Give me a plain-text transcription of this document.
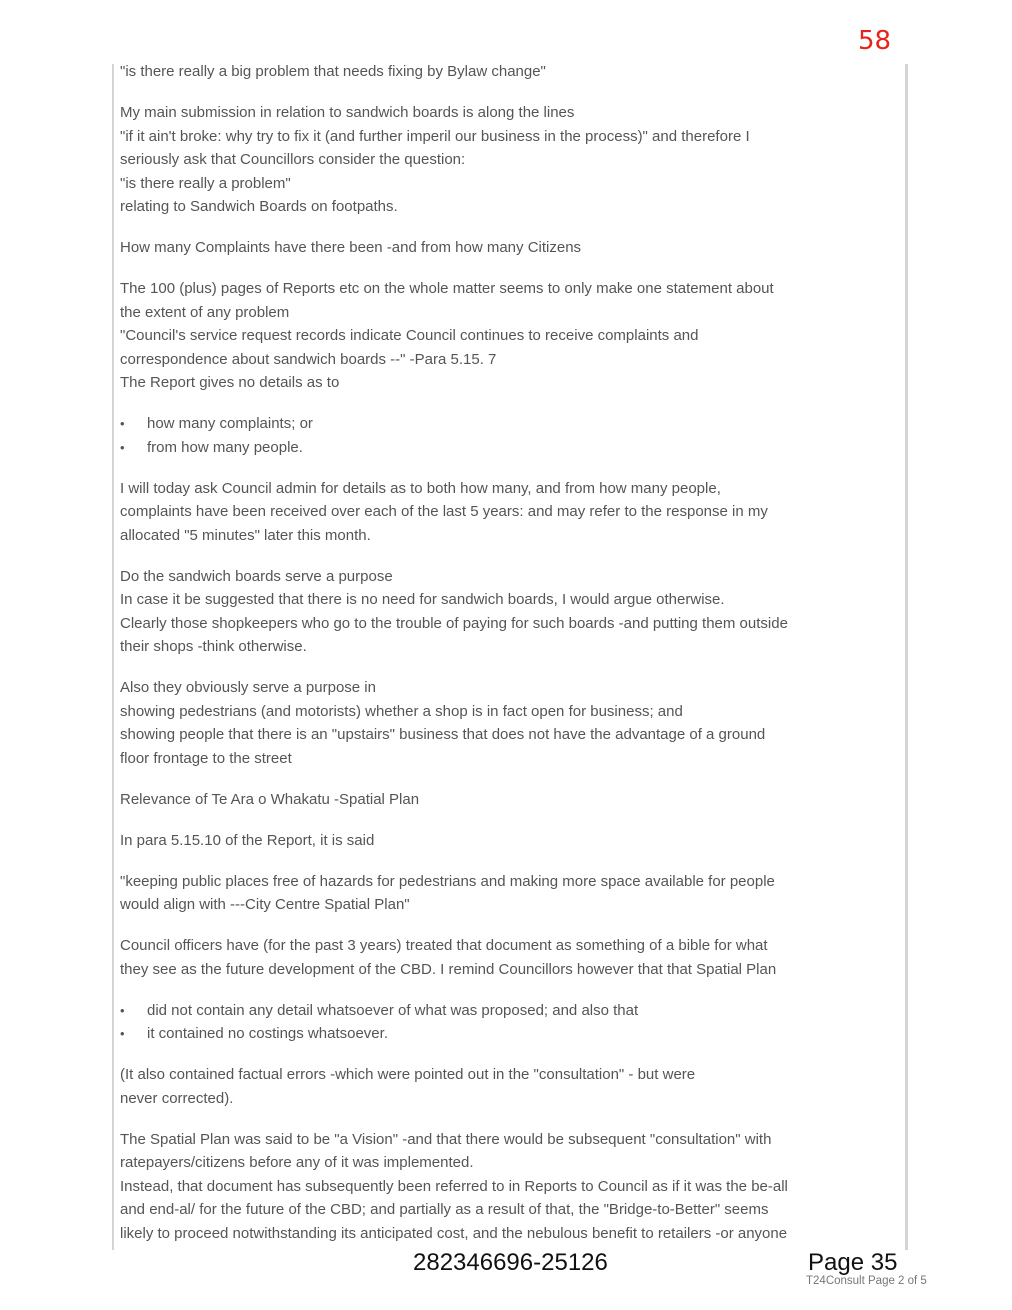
58

"is there really a big problem that needs fixing by Bylaw change"

My main submission in relation to sandwich boards is along the lines
"if it ain't broke: why try to fix it (and further imperil our business in the process)" and therefore I
seriously ask that Councillors consider the question:
"is there really a problem"
relating to Sandwich Boards on footpaths.

How many Complaints have there been -and from how many Citizens

The 100 (plus) pages of Reports etc on the whole matter seems to only make one statement about
the extent of any problem
"Council's service request records indicate Council continues to receive complaints and
correspondence about sandwich boards --" -Para 5.15. 7
The Report gives no details as to

• how many complaints; or
• from how many people.

I will today ask Council admin for details as to both how many, and from how many people,
complaints have been received over each of the last 5 years: and may refer to the response in my
allocated "5 minutes" later this month.

Do the sandwich boards serve a purpose
In case it be suggested that there is no need for sandwich boards, I would argue otherwise.
Clearly those shopkeepers who go to the trouble of paying for such boards -and putting them outside
their shops -think otherwise.

Also they obviously serve a purpose in
showing pedestrians (and motorists) whether a shop is in fact open for business; and
showing people that there is an "upstairs" business that does not have the advantage of a ground
floor frontage to the street

Relevance of Te Ara o Whakatu -Spatial Plan

In para 5.15.10 of the Report, it is said

"keeping public places free of hazards for pedestrians and making more space available for people
would align with ---City Centre Spatial Plan"

Council officers have (for the past 3 years) treated that document as something of a bible for what
they see as the future development of the CBD. I remind Councillors however that that Spatial Plan

• did not contain any detail whatsoever of what was proposed; and also that
• it contained no costings whatsoever.

(It also contained factual errors -which were pointed out in the "consultation" - but were
never corrected).

The Spatial Plan was said to be "a Vision" -and that there would be subsequent "consultation" with
ratepayers/citizens before any of it was implemented.
Instead, that document has subsequently been referred to in Reports to Council as if it was the be-all
and end-al/ for the future of the CBD; and partially as a result of that, the "Bridge-to-Better" seems
likely to proceed notwithstanding its anticipated cost, and the nebulous benefit to retailers -or anyone

282346696-25126	Page 35
T24Consult Page 2 of 5
